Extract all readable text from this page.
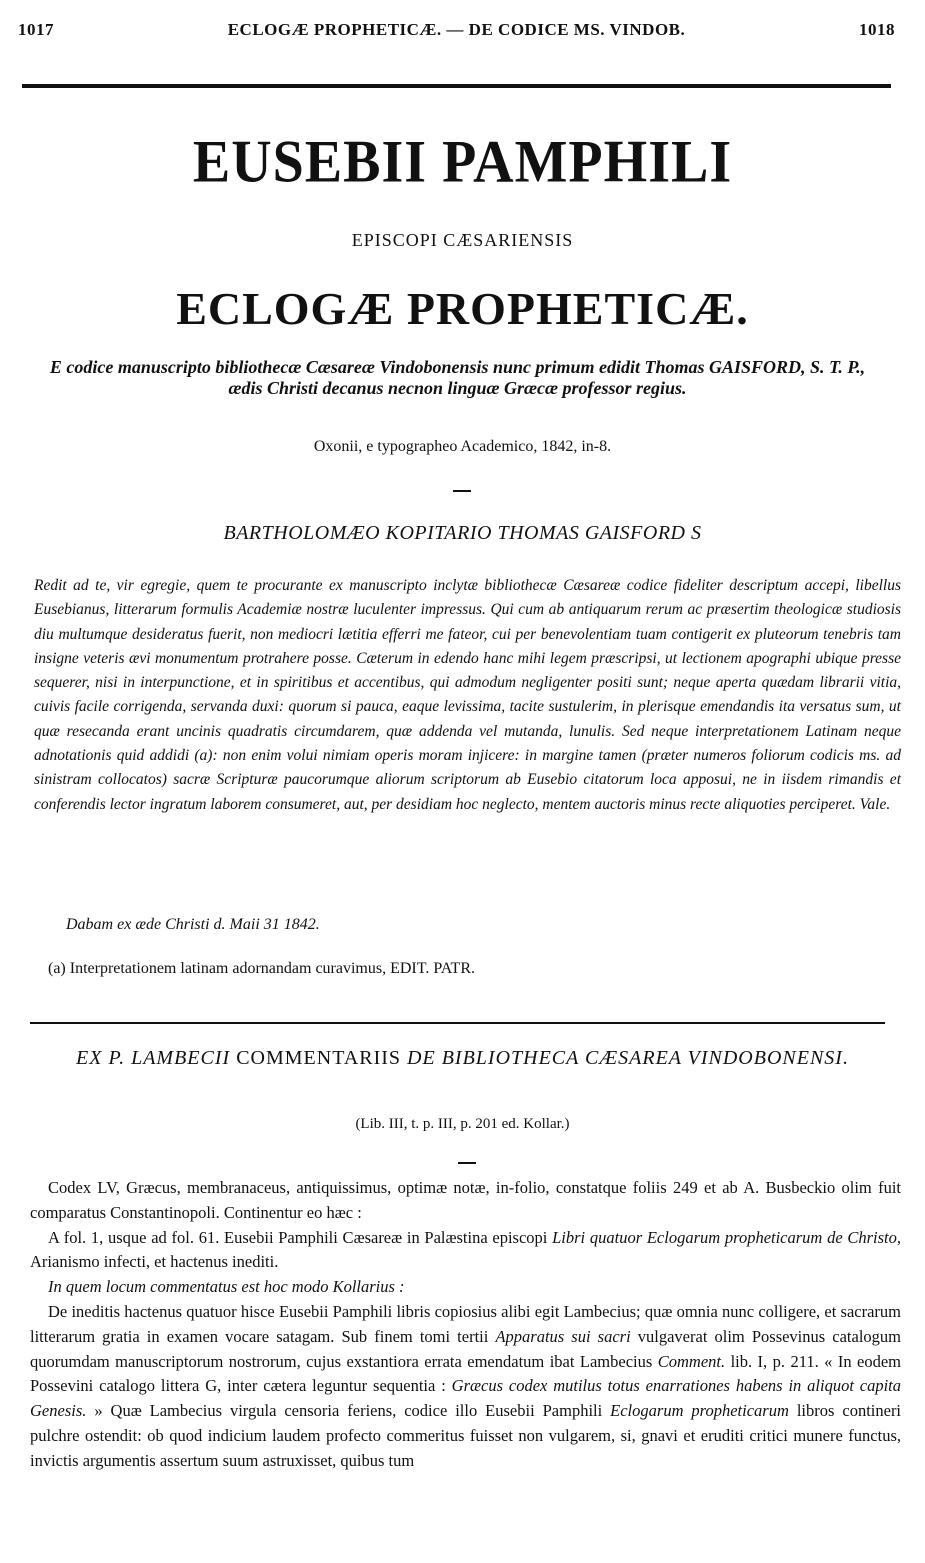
1017	ECLOGÆ PROPHETICÆ. — DE CODICE MS. VINDOB.	1018
EUSEBII PAMPHILI
EPISCOPI CÆSARIENSIS
ECLOGÆ PROPHETICÆ.
E codice manuscripto bibliothecæ Cæsareæ Vindobonensis nunc primum edidit Thomas GAISFORD, S. T. P., ædis Christi decanus necnon linguæ Græcæ professor regius.
Oxonii, e typographeo Academico, 1842, in-8.
BARTHOLOMÆO KOPITARIO THOMAS GAISFORD S
Redit ad te, vir egregie, quem te procurante ex manuscripto inclytæ bibliothecæ Cæsareæ codice fideliter descriptum accepi, libellus Eusebianus, litterarum formulis Academiæ nostræ luculenter impressus. Qui cum ab antiquarum rerum ac præsertim theologicæ studiosis diu multumque desideratus fuerit, non mediocri lætitia efferri me fateor, cui per benevolentiam tuam contigerit ex pluteorum tenebris tam insigne veteris ævi monumentum protrahere posse. Cæterum in edendo hanc mihi legem præscripsi, ut lectionem apographi ubique presse sequerer, nisi in interpunctione, et in spiritibus et accentibus, qui admodum negligenter positi sunt; neque aperta quædam librarii vitia, cuivis facile corrigenda, servanda duxi: quorum si pauca, eaque levissima, tacite sustulerim, in plerisque emendandis ita versatus sum, ut quæ resecanda erant uncinis quadratis circumdarem, quæ addenda vel mutanda, lunulis. Sed neque interpretationem Latinam neque adnotationis quid addidi (a): non enim volui nimiam operis moram injicere: in margine tamen (præter numeros foliorum codicis ms. ad sinistram collocatos) sacræ Scripturæ paucorumque aliorum scriptorum ab Eusebio citatorum loca apposui, ne in iisdem rimandis et conferendis lector ingratum laborem consumeret, aut, per desidiam hoc neglecto, mentem auctoris minus recte aliquoties perciperet. Vale.
Dabam ex æde Christi d. Maii 31 1842.
(a) Interpretationem latinam adornandam curavimus, EDIT. PATR.
EX P. LAMBECII COMMENTARIIS DE BIBLIOTHECA CÆSAREA VINDOBONENSI.
(Lib. III, t. p. III, p. 201 ed. Kollar.)

Codex LV, Græcus, membranaceus, antiquissimus, optimæ notæ, in-folio, constatque foliis 249 et ab A. Busbeckio olim fuit comparatus Constantinopoli. Continentur eo hæc :

A fol. 1, usque ad fol. 61. Eusebii Pamphili Cæsareæ in Palæstina episcopi Libri quatuor Eclogarum propheticarum de Christo, Arianismo infecti, et hactenus inediti.

In quem locum commentatus est hoc modo Kollarius :

De ineditis hactenus quatuor hisce Eusebii Pamphili libris copiosius alibi egit Lambecius; quæ omnia nunc colligere, et sacrarum litterarum gratia in examen vocare satagam. Sub finem tomi tertii Apparatus sui sacri vulgaverat olim Possevinus catalogum quorumdam manuscriptorum nostrorum, cujus exstantiora errata emendatum ibat Lambecius Comment. lib. I, p. 211. « In eodem Possevini catalogo littera G, inter cætera leguntur sequentia : Græcus codex mutilus totus enarrationes habens in aliquot capita Genesis. » Quæ Lambecius virgula censoria feriens, codice illo Eusebii Pamphili Eclogarum propheticarum libros contineri pulchre ostendit: ob quod indicium laudem profecto commeritus fuisset non vulgarem, si, gnavi et eruditi critici munere functus, invictis argumentis assertum suum astruxisset, quibus tum
